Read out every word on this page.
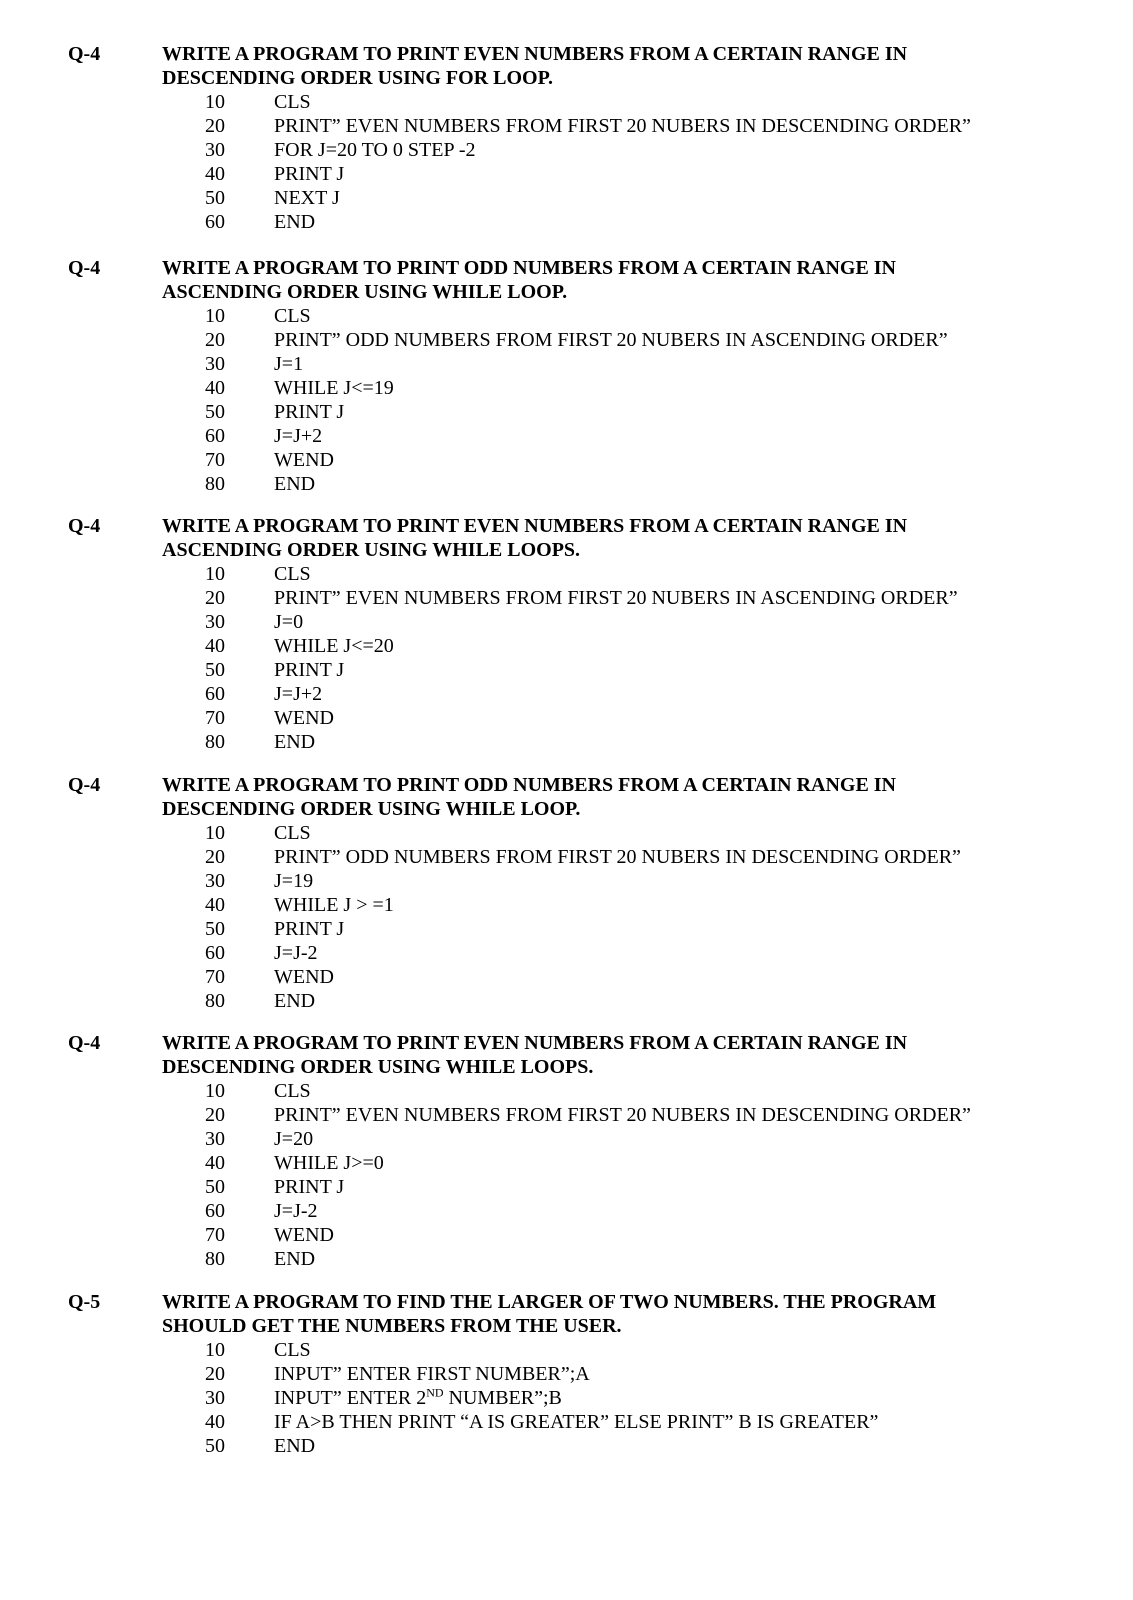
Q-4	WRITE A PROGRAM TO PRINT EVEN NUMBERS FROM A CERTAIN RANGE IN
DESCENDING ORDER USING FOR LOOP.
10	CLS
20	PRINT” EVEN NUMBERS FROM FIRST 20 NUBERS IN DESCENDING ORDER”
30	FOR J=20 TO 0 STEP -2
40	PRINT J
50	NEXT J
60	END
Q-4	WRITE A PROGRAM TO PRINT ODD NUMBERS FROM A CERTAIN RANGE IN
ASCENDING ORDER USING WHILE LOOP.
10	CLS
20	PRINT” ODD NUMBERS FROM FIRST 20 NUBERS IN ASCENDING ORDER”
30	J=1
40	WHILE J<=19
50	PRINT J
60	J=J+2
70	WEND
80	END
Q-4	WRITE A PROGRAM TO PRINT EVEN NUMBERS FROM A CERTAIN RANGE IN
ASCENDING ORDER USING WHILE LOOPS.
10	CLS
20	PRINT” EVEN NUMBERS FROM FIRST 20 NUBERS IN ASCENDING ORDER”
30	J=0
40	WHILE J<=20
50	PRINT J
60	J=J+2
70	WEND
80	END
Q-4	WRITE A PROGRAM TO PRINT ODD NUMBERS FROM A CERTAIN RANGE IN
DESCENDING ORDER USING WHILE LOOP.
10	CLS
20	PRINT” ODD NUMBERS FROM FIRST 20 NUBERS IN DESCENDING ORDER”
30	J=19
40	WHILE J > =1
50	PRINT J
60	J=J-2
70	WEND
80	END
Q-4	WRITE A PROGRAM TO PRINT EVEN NUMBERS FROM A CERTAIN RANGE IN
DESCENDING ORDER USING WHILE LOOPS.
10	CLS
20	PRINT” EVEN NUMBERS FROM FIRST 20 NUBERS IN DESCENDING ORDER”
30	J=20
40	WHILE J>=0
50	PRINT J
60	J=J-2
70	WEND
80	END
Q-5	WRITE A PROGRAM TO FIND THE LARGER OF TWO NUMBERS. THE PROGRAM
SHOULD GET THE NUMBERS FROM THE USER.
10	CLS
20	INPUT” ENTER FIRST NUMBER”;A
30	INPUT” ENTER 2ND NUMBER”;B
40	IF A>B THEN PRINT “A IS GREATER” ELSE PRINT” B IS GREATER”
50	END
